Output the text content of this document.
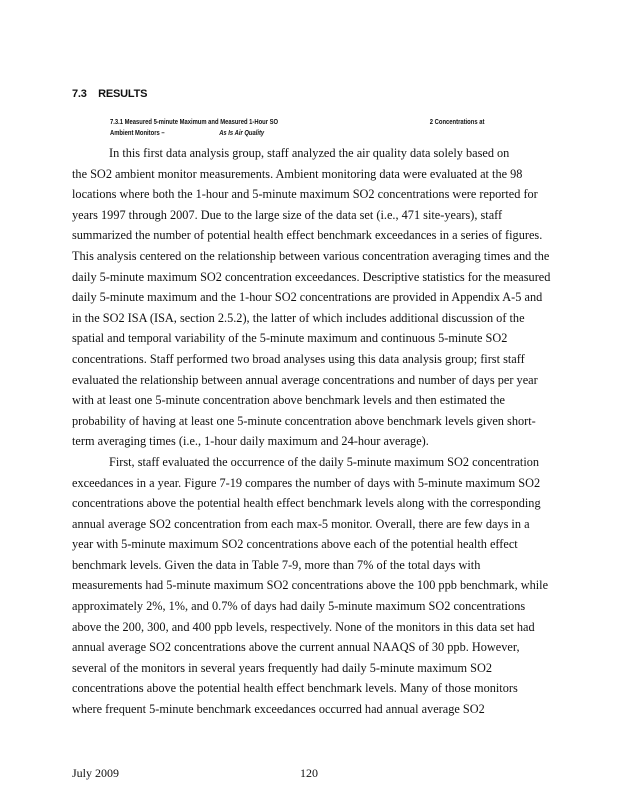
7.3 RESULTS
7.3.1 Measured 5-minute Maximum and Measured 1-Hour SO
Ambient Monitors –
2 Concentrations at
As Is Air Quality
In this first data analysis group, staff analyzed the air quality data solely based on
the SO2 ambient monitor measurements. Ambient monitoring data were evaluated at the 98
locations where both the 1-hour and 5-minute maximum SO2 concentrations were reported for
years 1997 through 2007. Due to the large size of the data set (i.e., 471 site-years), staff
summarized the number of potential health effect benchmark exceedances in a series of figures.
This analysis centered on the relationship between various concentration averaging times and the
daily 5-minute maximum SO2 concentration exceedances. Descriptive statistics for the measured
daily 5-minute maximum and the 1-hour SO2 concentrations are provided in Appendix A-5 and
in the SO2 ISA (ISA, section 2.5.2), the latter of which includes additional discussion of the
spatial and temporal variability of the 5-minute maximum and continuous 5-minute SO2
concentrations. Staff performed two broad analyses using this data analysis group; first staff
evaluated the relationship between annual average concentrations and number of days per year
with at least one 5-minute concentration above benchmark levels and then estimated the
probability of having at least one 5-minute concentration above benchmark levels given short-
term averaging times (i.e., 1-hour daily maximum and 24-hour average).
First, staff evaluated the occurrence of the daily 5-minute maximum SO2 concentration
exceedances in a year. Figure 7-19 compares the number of days with 5-minute maximum SO2
concentrations above the potential health effect benchmark levels along with the corresponding
annual average SO2 concentration from each max-5 monitor. Overall, there are few days in a
year with 5-minute maximum SO2 concentrations above each of the potential health effect
benchmark levels. Given the data in Table 7-9, more than 7% of the total days with
measurements had 5-minute maximum SO2 concentrations above the 100 ppb benchmark, while
approximately 2%, 1%, and 0.7% of days had daily 5-minute maximum SO2 concentrations
above the 200, 300, and 400 ppb levels, respectively. None of the monitors in this data set had
annual average SO2 concentrations above the current annual NAAQS of 30 ppb. However,
several of the monitors in several years frequently had daily 5-minute maximum SO2
concentrations above the potential health effect benchmark levels. Many of those monitors
where frequent 5-minute benchmark exceedances occurred had annual average SO2
July 2009	120
